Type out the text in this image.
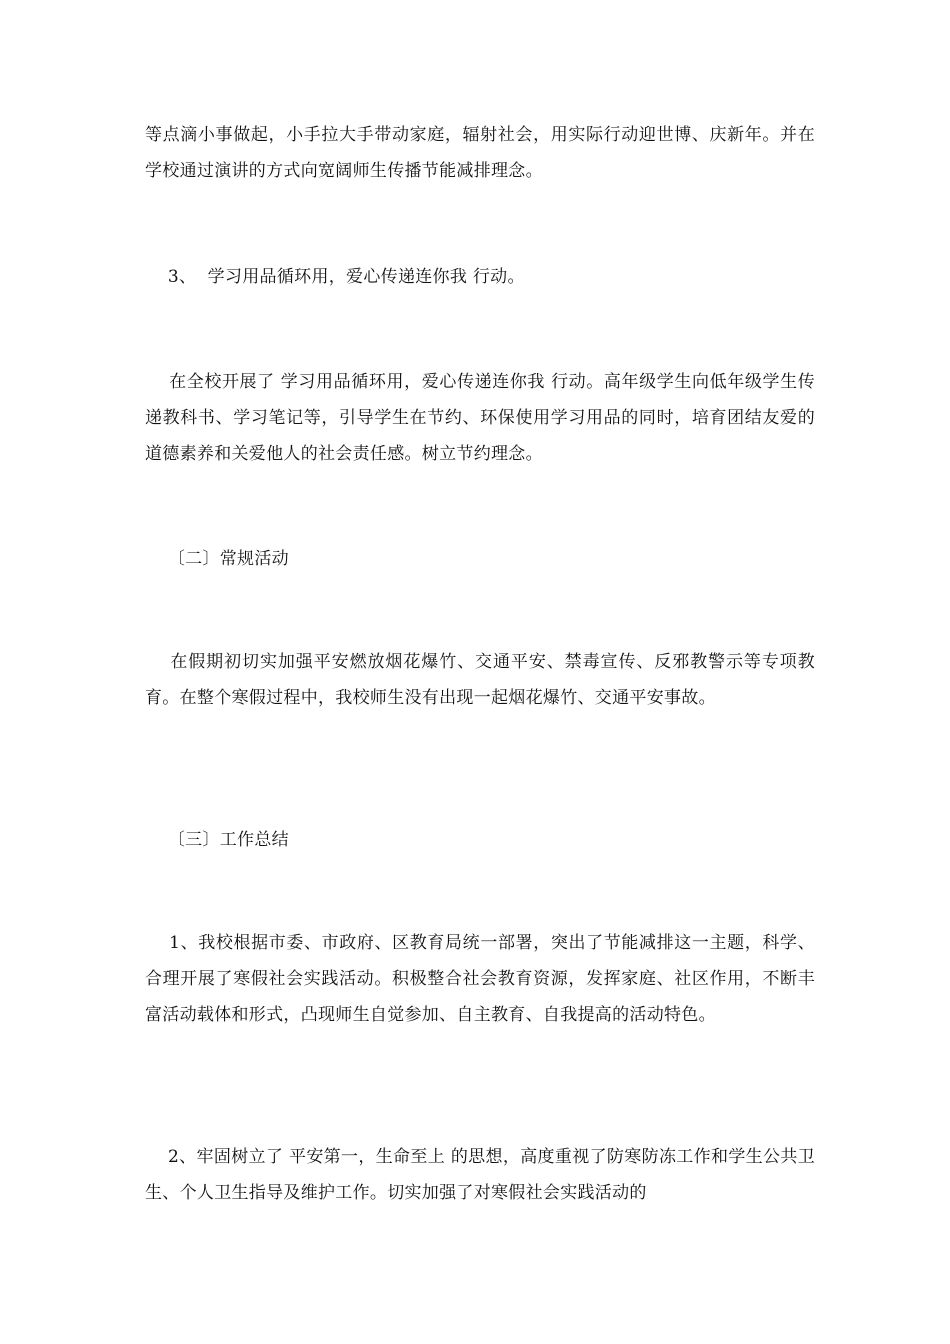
等点滴小事做起，小手拉大手带动家庭，辐射社会，用实际行动迎世博、庆新年。并在学校通过演讲的方式向宽阔师生传播节能减排理念。

3、  学习用品循环用，爱心传递连你我 行动。

在全校开展了 学习用品循环用，爱心传递连你我 行动。高年级学生向低年级学生传递教科书、学习笔记等，引导学生在节约、环保使用学习用品的同时，培育团结友爱的道德素养和关爱他人的社会责任感。树立节约理念。

〔二〕常规活动

在假期初切实加强平安燃放烟花爆竹、交通平安、禁毒宣传、反邪教警示等专项教育。在整个寒假过程中，我校师生没有出现一起烟花爆竹、交通平安事故。

〔三〕工作总结

1、我校根据市委、市政府、区教育局统一部署，突出了节能减排这一主题，科学、合理开展了寒假社会实践活动。积极整合社会教育资源，发挥家庭、社区作用，不断丰富活动载体和形式，凸现师生自觉参加、自主教育、自我提高的活动特色。

2、牢固树立了 平安第一，生命至上 的思想，高度重视了防寒防冻工作和学生公共卫生、个人卫生指导及维护工作。切实加强了对寒假社会实践活动的
